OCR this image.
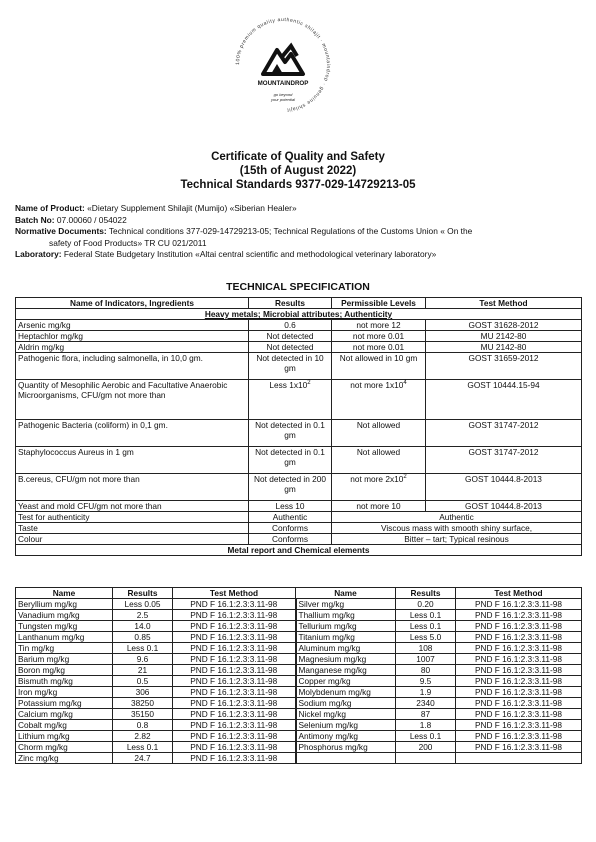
100% premium quality authentic shilajit · mountaindrop · genuine shilajit
MOUNTAINDROP
go beyond
your potential
Certificate of Quality and Safety
(15th of August 2022)
Technical Standards 9377-029-14729213-05

Name of Product: «Dietary Supplement Shilajit (Mumijo) «Siberian Healer»

Batch No: 07.00060 / 054022

Normative Documents: Technical conditions 377-029-14729213-05; Technical Regulations of the Customs Union « On the

safety of Food Products» TR CU 021/2011

Laboratory: Federal State Budgetary Institution «Altai central scientific and methodological veterinary laboratory»

TECHNICAL SPECIFICATION
Name of Indicators, Ingredients	Results	Permissible Levels	Test Method
Heavy metals; Microbial attributes; Authenticity			
Arsenic mg/kg	0.6	not more 12	GOST 31628-2012
Heptachlor mg/kg	Not detected	not more 0.01	MU 2142-80
Aldrin mg/kg	Not detected	not more 0.01	MU 2142-80
Pathogenic flora, including salmonella, in 10,0 gm.	Not detected in 10 gm	Not allowed in 10 gm	GOST 31659-2012
Quantity of Mesophilic Aerobic and Facultative Anaerobic Microorganisms, CFU/gm not more than	Less $1x10^2$	not more $1x10^4$	GOST 10444.15-94
Pathogenic Bacteria (coliform) in 0,1 gm.	Not detected in 0.1 gm	Not allowed	GOST 31747-2012
Staphylococcus Aureus in 1 gm	Not detected in 0.1 gm	Not allowed	GOST 31747-2012
B.cereus, CFU/gm not more than	Not detected in 200 gm	not more $2x10^2$	GOST 10444.8-2013
Yeast and mold CFU/gm not more than	Less 10	not more 10	GOST 10444.8-2013
Test for authenticity	Authentic	Authentic	
Taste	Conforms	Viscous mass with smooth shiny surface,	
Colour	Conforms	Bitter – tart; Typical resinous	
Metal report and Chemical elements			
Name	Results	Test Method	Name	Results	Test Method
Beryllium mg/kg	Less 0.05	PND F 16.1:2.3:3.11-98	Silver mg/kg	0.20	PND F 16.1:2.3:3.11-98
Vanadium mg/kg	2.5	PND F 16.1:2.3:3.11-98	Thallium mg/kg	Less 0.1	PND F 16.1:2.3:3.11-98
Tungsten mg/kg	14.0	PND F 16.1:2.3:3.11-98	Tellurium mg/kg	Less 0.1	PND F 16.1:2.3:3.11-98
Lanthanum mg/kg	0.85	PND F 16.1:2.3:3.11-98	Titanium mg/kg	Less 5.0	PND F 16.1:2.3:3.11-98
Tin mg/kg	Less 0.1	PND F 16.1:2.3:3.11-98	Aluminum mg/kg	108	PND F 16.1:2.3:3.11-98
Barium mg/kg	9.6	PND F 16.1:2.3:3.11-98	Magnesium mg/kg	1007	PND F 16.1:2.3:3.11-98
Boron mg/kg	21	PND F 16.1:2.3:3.11-98	Manganese mg/kg	80	PND F 16.1:2.3:3.11-98
Bismuth mg/kg	0.5	PND F 16.1:2.3:3.11-98	Copper mg/kg	9.5	PND F 16.1:2.3:3.11-98
Iron mg/kg	306	PND F 16.1:2.3:3.11-98	Molybdenum mg/kg	1.9	PND F 16.1:2.3:3.11-98
Potassium mg/kg	38250	PND F 16.1:2.3:3.11-98	Sodium mg/kg	2340	PND F 16.1:2.3:3.11-98
Calcium mg/kg	35150	PND F 16.1:2.3:3.11-98	Nickel mg/kg	87	PND F 16.1:2.3:3.11-98
Cobalt mg/kg	0.8	PND F 16.1:2.3:3.11-98	Selenium mg/kg	1.8	PND F 16.1:2.3:3.11-98
Lithium mg/kg	2.82	PND F 16.1:2.3:3.11-98	Antimony mg/kg	Less 0.1	PND F 16.1:2.3:3.11-98
Chorm mg/kg	Less 0.1	PND F 16.1:2.3:3.11-98	Phosphorus mg/kg	200	PND F 16.1:2.3:3.11-98
Zinc mg/kg	24.7	PND F 16.1:2.3:3.11-98			
